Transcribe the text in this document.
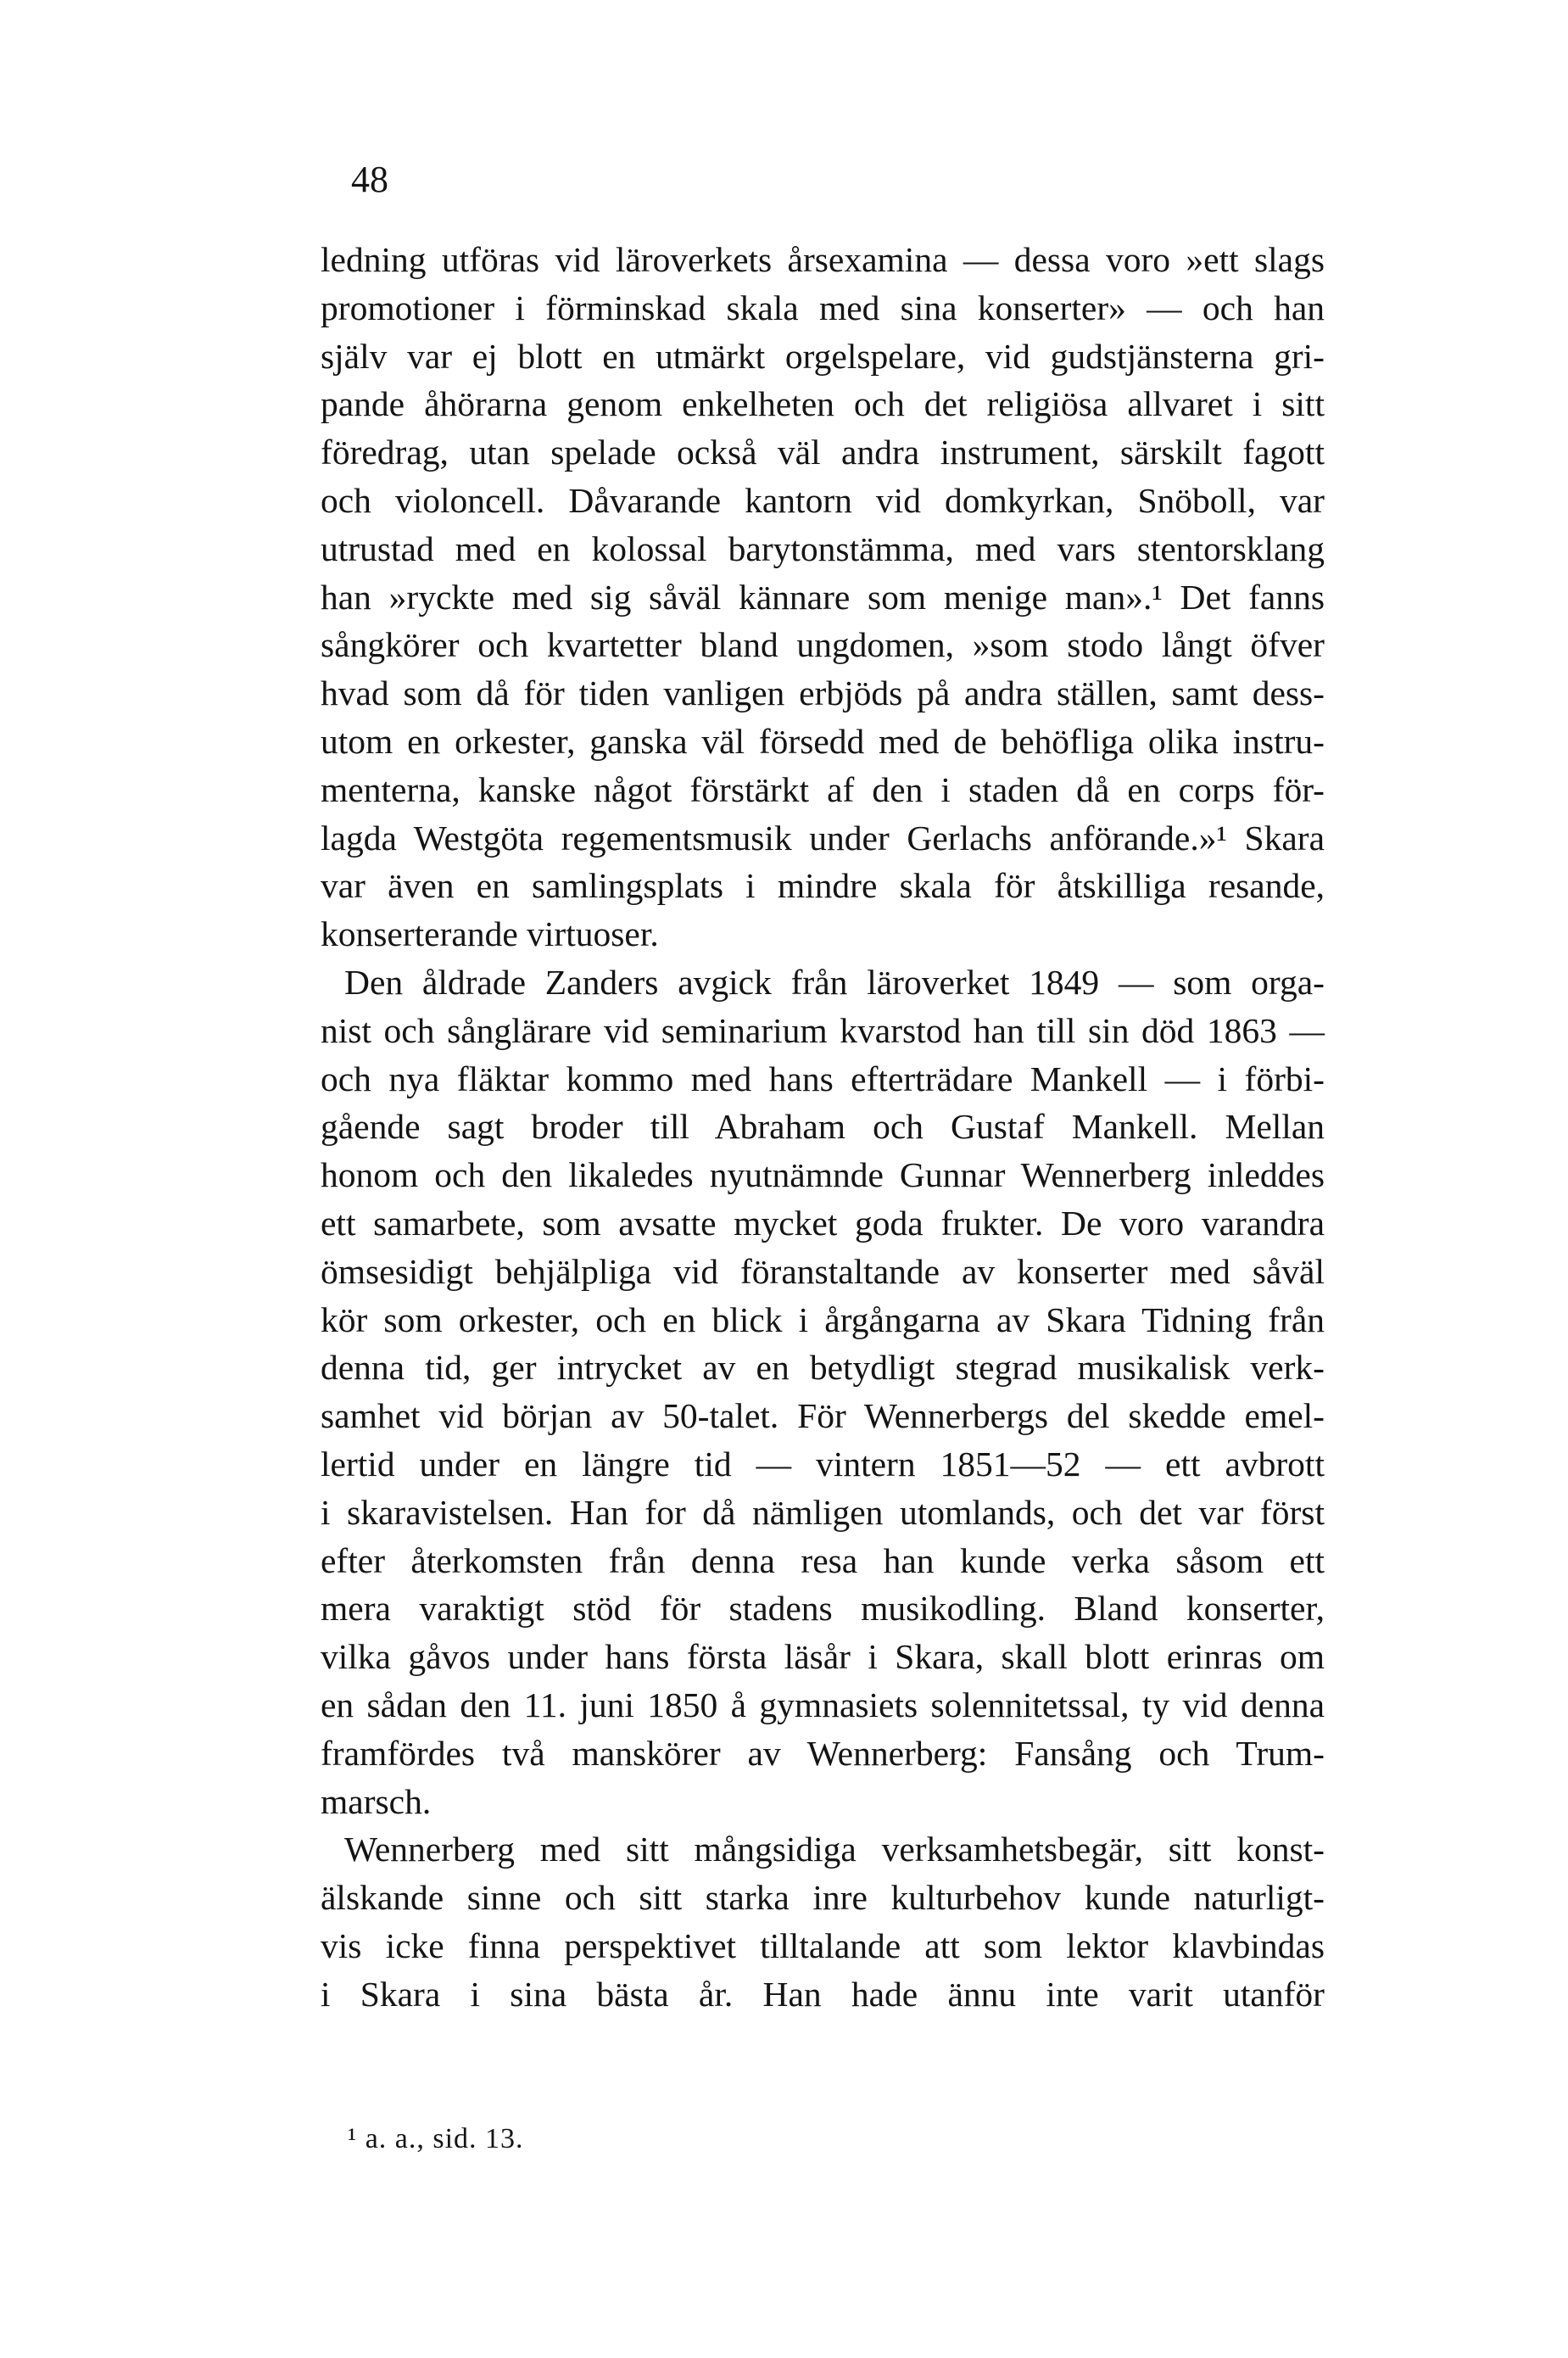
48
ledning utföras vid läroverkets årsexamina — dessa voro »ett slags
promotioner i förminskad skala med sina konserter» — och han
själv var ej blott en utmärkt orgelspelare, vid gudstjänsterna gri-
pande åhörarna genom enkelheten och det religiösa allvaret i sitt
föredrag, utan spelade också väl andra instrument, särskilt fagott
och violoncell. Dåvarande kantorn vid domkyrkan, Snöboll, var
utrustad med en kolossal barytonstämma, med vars stentorsklang
han »ryckte med sig såväl kännare som menige man».¹ Det fanns
sångkörer och kvartetter bland ungdomen, »som stodo långt öfver
hvad som då för tiden vanligen erbjöds på andra ställen, samt dess-
utom en orkester, ganska väl försedd med de behöfliga olika instru-
menterna, kanske något förstärkt af den i staden då en corps för-
lagda Westgöta regementsmusik under Gerlachs anförande.»¹ Skara
var även en samlingsplats i mindre skala för åtskilliga resande,
konserterande virtuoser.
Den åldrade Zanders avgick från läroverket 1849 — som orga-
nist och sånglärare vid seminarium kvarstod han till sin död 1863 —
och nya fläktar kommo med hans efterträdare Mankell — i förbi-
gående sagt broder till Abraham och Gustaf Mankell. Mellan
honom och den likaledes nyutnämnde Gunnar Wennerberg inleddes
ett samarbete, som avsatte mycket goda frukter. De voro varandra
ömsesidigt behjälpliga vid föranstaltande av konserter med såväl
kör som orkester, och en blick i årgångarna av Skara Tidning från
denna tid, ger intrycket av en betydligt stegrad musikalisk verk-
samhet vid början av 50-talet. För Wennerbergs del skedde emel-
lertid under en längre tid — vintern 1851—52 — ett avbrott
i skaravistelsen. Han for då nämligen utomlands, och det var först
efter återkomsten från denna resa han kunde verka såsom ett
mera varaktigt stöd för stadens musikodling. Bland konserter,
vilka gåvos under hans första läsår i Skara, skall blott erinras om
en sådan den 11. juni 1850 å gymnasiets solennitetssal, ty vid denna
framfördes två manskörer av Wennerberg: Fansång och Trum-
marsch.
Wennerberg med sitt mångsidiga verksamhetsbegär, sitt konst-
älskande sinne och sitt starka inre kulturbehov kunde naturligt-
vis icke finna perspektivet tilltalande att som lektor klavbindas
i Skara i sina bästa år. Han hade ännu inte varit utanför
¹ a. a., sid. 13.
